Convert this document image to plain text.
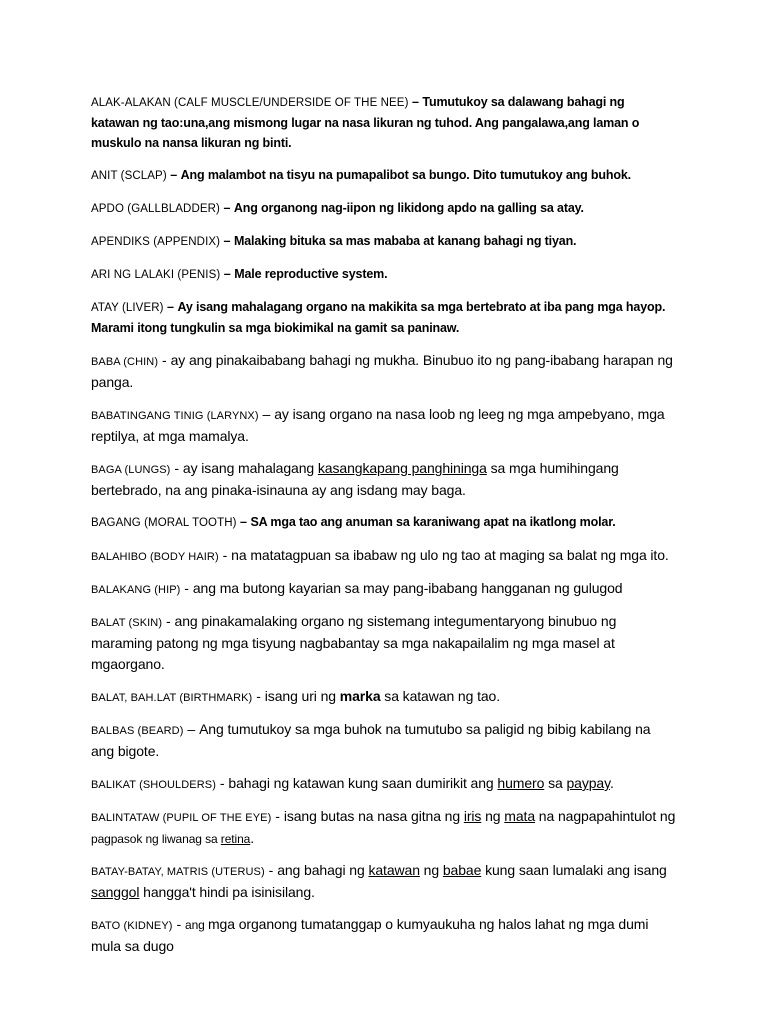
ALAK-ALAKAN (CALF MUSCLE/UNDERSIDE OF THE NEE) – Tumutukoy sa dalawang bahagi ng katawan ng tao:una,ang mismong lugar na nasa likuran ng tuhod. Ang pangalawa,ang laman o muskulo na nansa likuran ng binti.

ANIT (SCLAP) – Ang malambot na tisyu na pumapalibot sa bungo. Dito tumutukoy ang buhok.

APDO (GALLBLADDER) – Ang organong nag-iipon ng likidong apdo na galling sa atay.

APENDIKS (APPENDIX) – Malaking bituka sa mas mababa at kanang bahagi ng tiyan.

ARI NG LALAKI (PENIS) – Male reproductive system.

ATAY (LIVER) – Ay isang mahalagang organo na makikita sa mga bertebrato at iba pang mga hayop. Marami itong tungkulin sa mga biokimikal na gamit sa paninaw.

BABA (CHIN) - ay ang pinakaibabang bahagi ng mukha. Binubuo ito ng pang-ibabang harapan ng panga.

BABATINGANG TINIG (LARYNX) – ay isang organo na nasa loob ng leeg ng mga ampebyano, mga reptilya, at mga mamalya.

BAGA (LUNGS) - ay isang mahalagang kasangkapang panghininga sa mga humihingang bertebrado, na ang pinaka-isinauna ay ang isdang may baga.

BAGANG (MORAL TOOTH) – SA mga tao ang anuman sa karaniwang apat na ikatlong molar.

BALAHIBO (BODY HAIR) - na matatagpuan sa ibabaw ng ulo ng tao at maging sa balat ng mga ito.

BALAKANG (HIP) - ang ma butong kayarian sa may pang-ibabang hangganan ng gulugod

BALAT (SKIN) - ang pinakamalaking organo ng sistemang integumentaryong binubuo ng maraming patong ng mga tisyung nagbabantay sa mga nakapailalim ng mga masel at mgaorgano.

BALAT, BAH.LAT (BIRTHMARK) - isang uri ng marka sa katawan ng tao.

BALBAS (BEARD) – Ang tumutukoy sa mga buhok na tumutubo sa paligid ng bibig kabilang na ang bigote.

BALIKAT (SHOULDERS) - bahagi ng katawan kung saan dumirikit ang humero sa paypay.

BALINTATAW (PUPIL OF THE EYE) - isang butas na nasa gitna ng iris ng mata na nagpapahintulot ng pagpasok ng liwanag sa retina.

BATAY-BATAY, MATRIS (UTERUS) - ang bahagi ng katawan ng babae kung saan lumalaki ang isang sanggol hangga't hindi pa isinisilang.

BATO (KIDNEY) - ang mga organong tumatanggap o kumyaukuha ng halos lahat ng mga dumi mula sa dugo
